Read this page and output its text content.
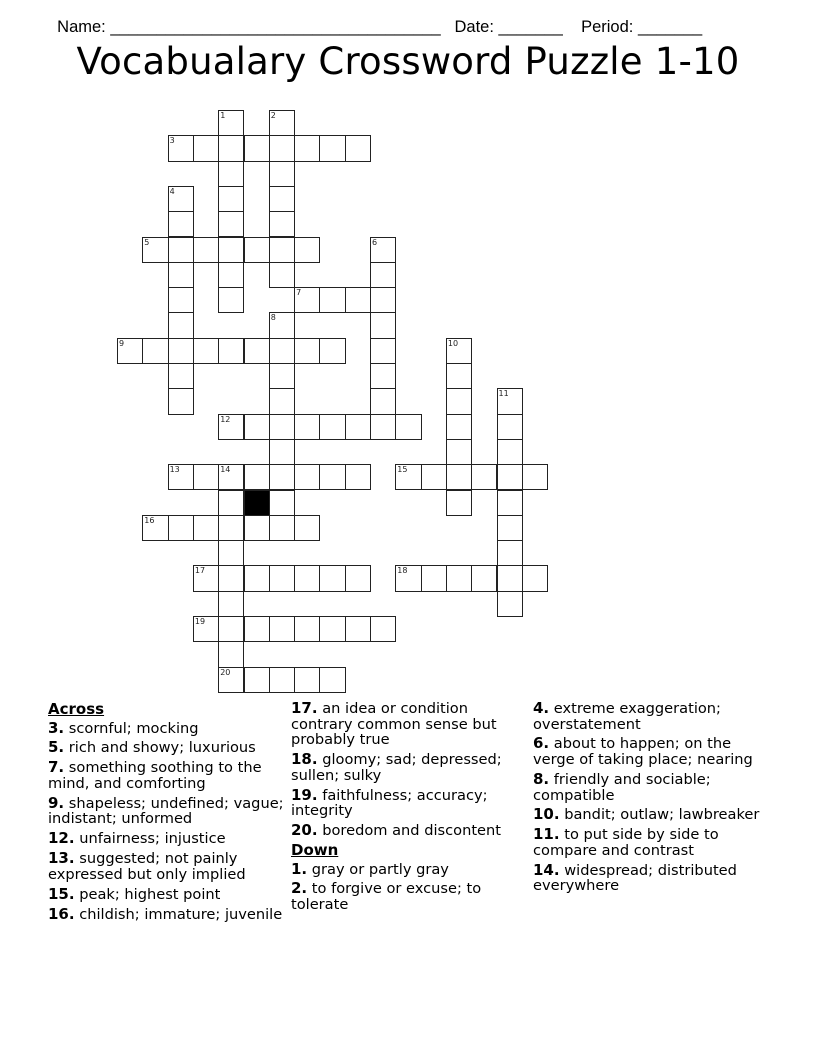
Name: ____________________________________   Date: _______    Period: _______

Vocabualary Crossword Puzzle 1-10
1	2
3
4
5	6
7
8
9	10
11
12
13	14
20
15
16
17	18
19
Across
3. scornful; mocking
5. rich and showy; luxurious
7. something soothing to the mind, and comforting
9. shapeless; undefined; vague; indistant; unformed
12. unfairness; injustice
13. suggested; not painly expressed but only implied
15. peak; highest point
16. childish; immature; juvenile
17. an idea or condition contrary common sense but probably true
18. gloomy; sad; depressed; sullen; sulky
19. faithfulness; accuracy; integrity
20. boredom and discontent
Down
1. gray or partly gray
2. to forgive or excuse; to tolerate
4. extreme exaggeration; overstatement
6. about to happen; on the verge of taking place; nearing
8. friendly and sociable; compatible
10. bandit; outlaw; lawbreaker
11. to put side by side to compare and contrast
14. widespread; distributed everywhere
